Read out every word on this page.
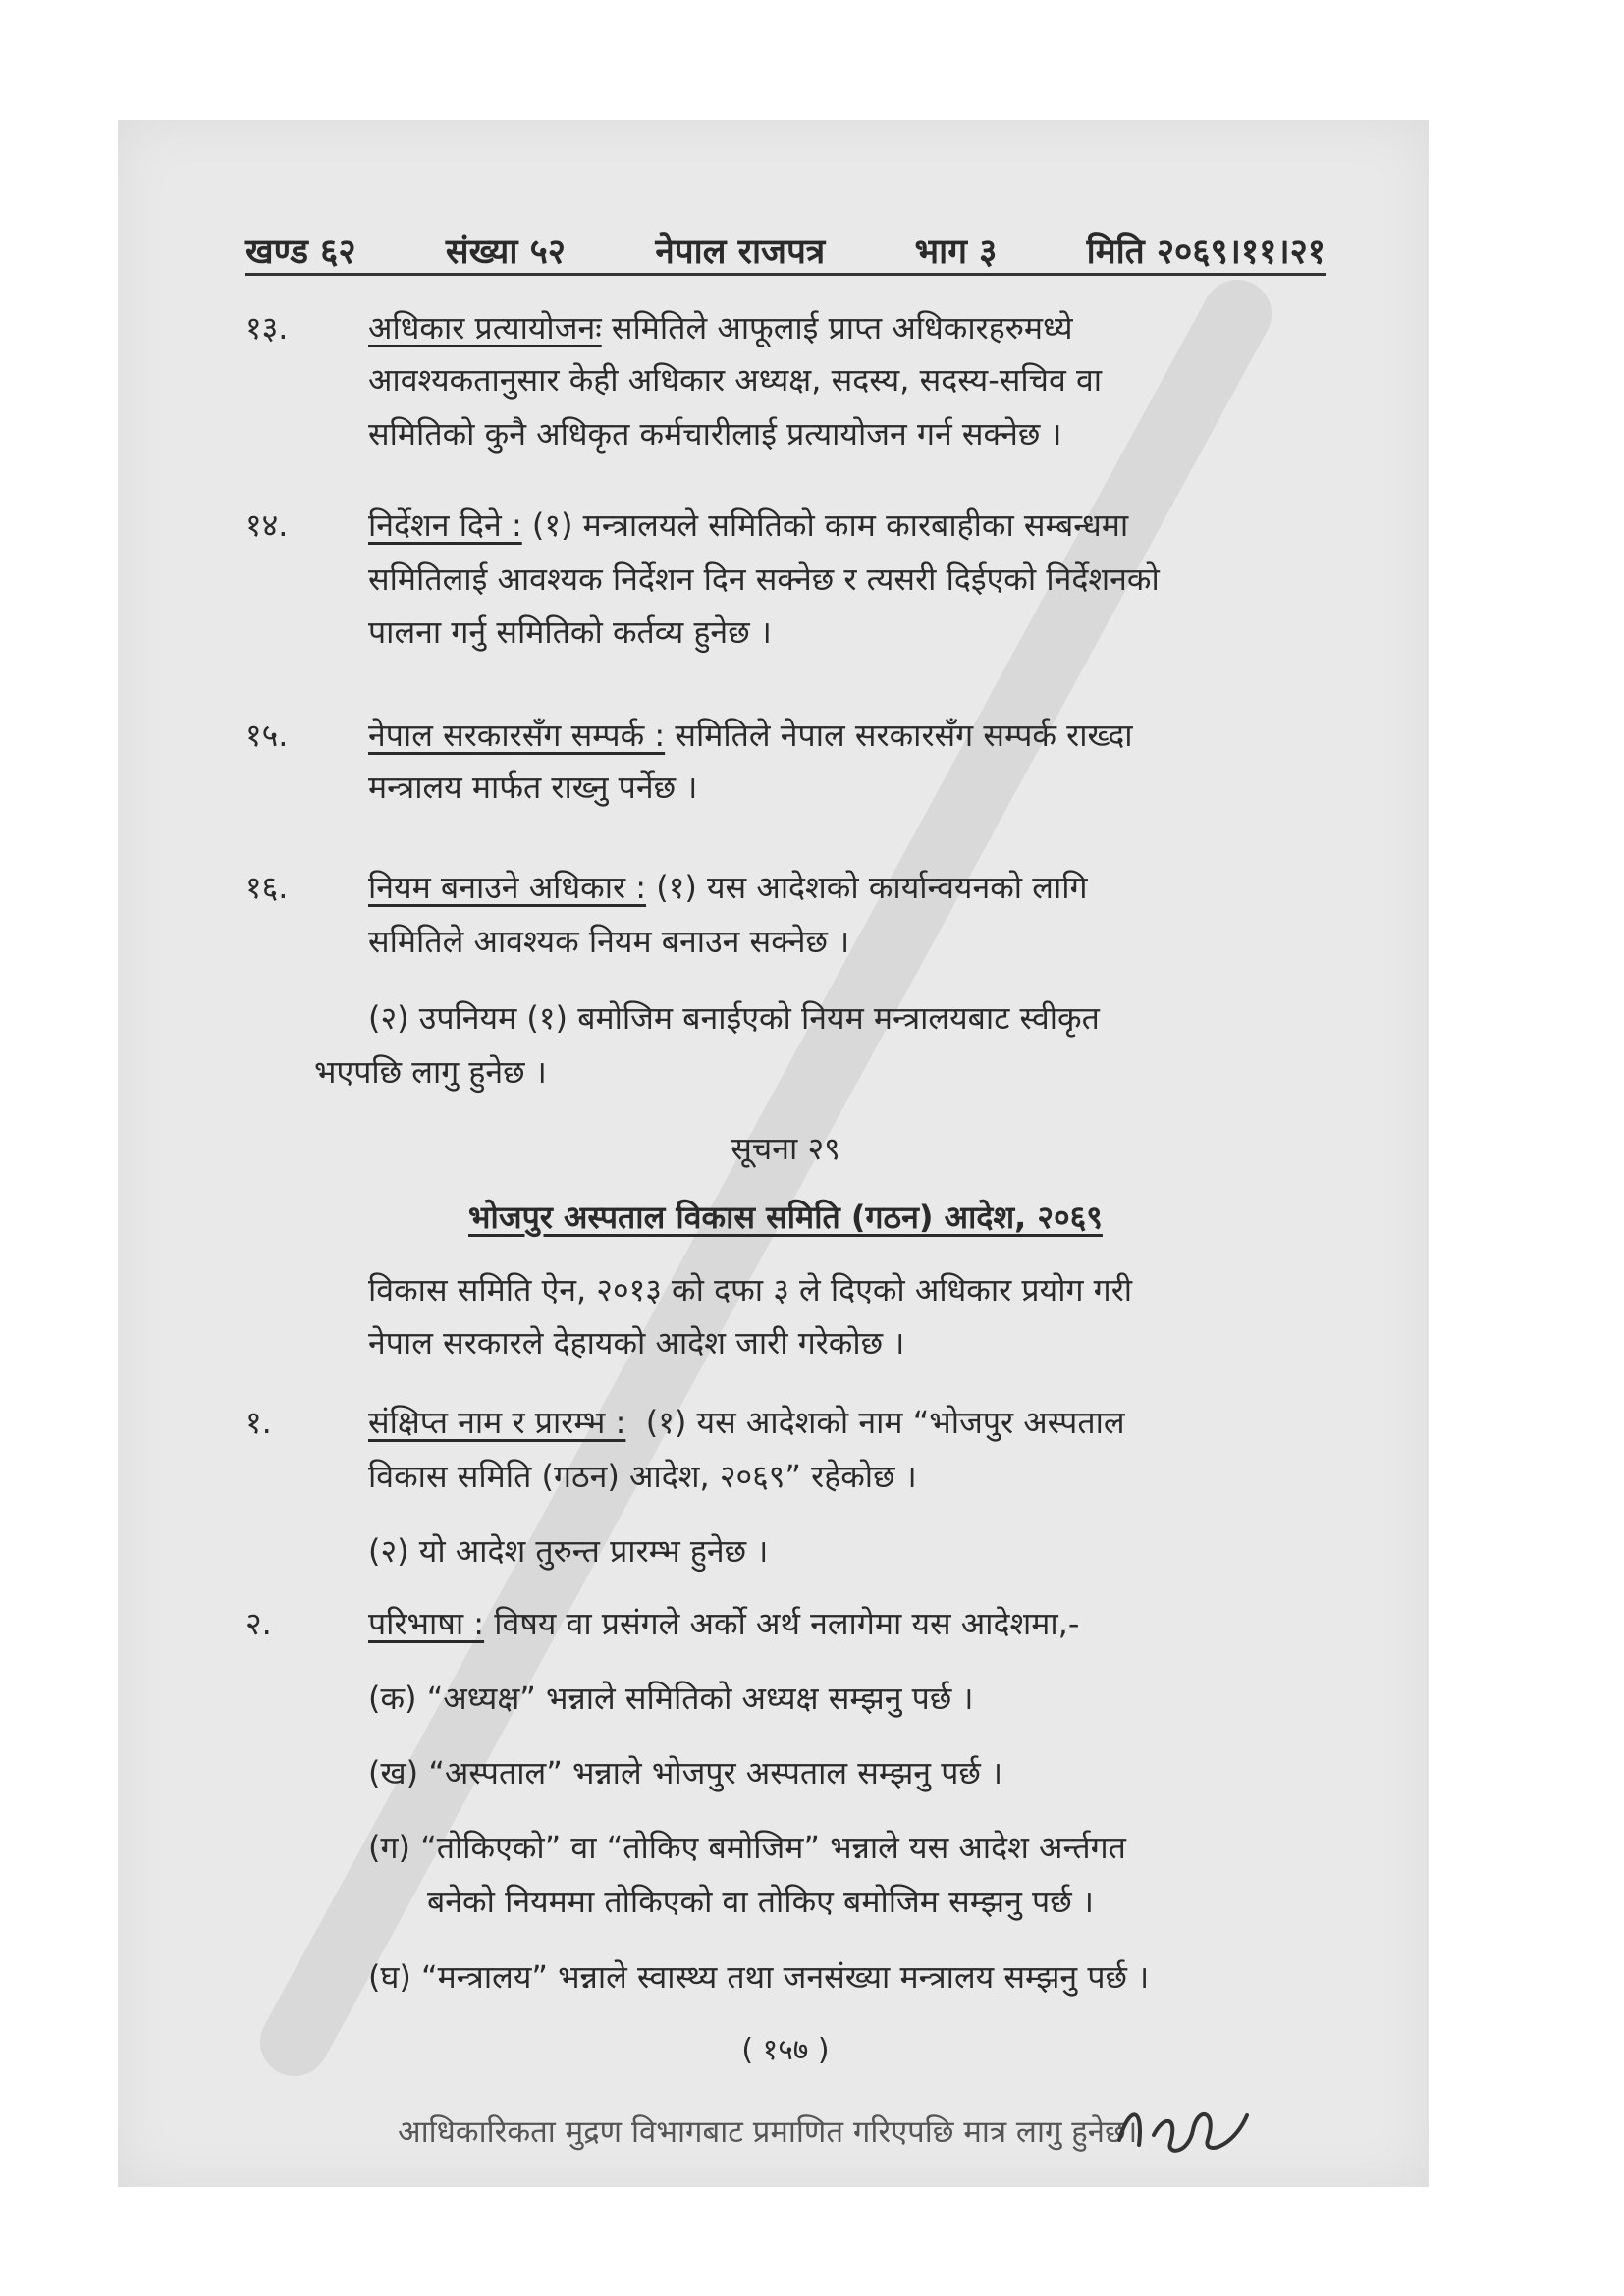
खण्ड ६२	संख्या ५२	नेपाल राजपत्र	भाग ३	मिति २०६९।११।२१
१३.	अधिकार प्रत्यायोजनः समितिले आफूलाई प्राप्त अधिकारहरुमध्ये
आवश्यकतानुसार केही अधिकार अध्यक्ष, सदस्य, सदस्य-सचिव वा
समितिको कुनै अधिकृत कर्मचारीलाई प्रत्यायोजन गर्न सक्नेछ ।
१४.	निर्देशन दिने : (१) मन्त्रालयले समितिको काम कारबाहीका सम्बन्धमा
समितिलाई आवश्यक निर्देशन दिन सक्नेछ र त्यसरी दिईएको निर्देशनको
पालना गर्नु समितिको कर्तव्य हुनेछ ।
१५.	नेपाल सरकारसँग सम्पर्क : समितिले नेपाल सरकारसँग सम्पर्क राख्दा
मन्त्रालय मार्फत राख्नु पर्नेछ ।
१६.	नियम बनाउने अधिकार : (१) यस आदेशको कार्यान्वयनको लागि
समितिले आवश्यक नियम बनाउन सक्नेछ ।
(२) उपनियम (१) बमोजिम बनाईएको नियम मन्त्रालयबाट स्वीकृत
भएपछि लागु हुनेछ ।
सूचना २९
भोजपुर अस्पताल विकास समिति (गठन) आदेश, २०६९
विकास समिति ऐन, २०१३ को दफा ३ ले दिएको अधिकार प्रयोग गरी
नेपाल सरकारले देहायको आदेश जारी गरेकोछ ।
१.	संक्षिप्त नाम र प्रारम्भ : (१) यस आदेशको नाम “भोजपुर अस्पताल
विकास समिति (गठन) आदेश, २०६९” रहेकोछ ।
(२) यो आदेश तुरुन्त प्रारम्भ हुनेछ ।
२.	परिभाषा : विषय वा प्रसंगले अर्को अर्थ नलागेमा यस आदेशमा,-
(क) “अध्यक्ष” भन्नाले समितिको अध्यक्ष सम्झनु पर्छ ।
(ख) “अस्पताल” भन्नाले भोजपुर अस्पताल सम्झनु पर्छ ।
(ग) “तोकिएको” वा “तोकिए बमोजिम” भन्नाले यस आदेश अर्न्तगत
बनेको नियममा तोकिएको वा तोकिए बमोजिम सम्झनु पर्छ ।
(घ) “मन्त्रालय” भन्नाले स्वास्थ्य तथा जनसंख्या मन्त्रालय सम्झनु पर्छ ।
( १५७ )
आधिकारिकता मुद्रण विभागबाट प्रमाणित गरिएपछि मात्र लागु हुनेछ।
